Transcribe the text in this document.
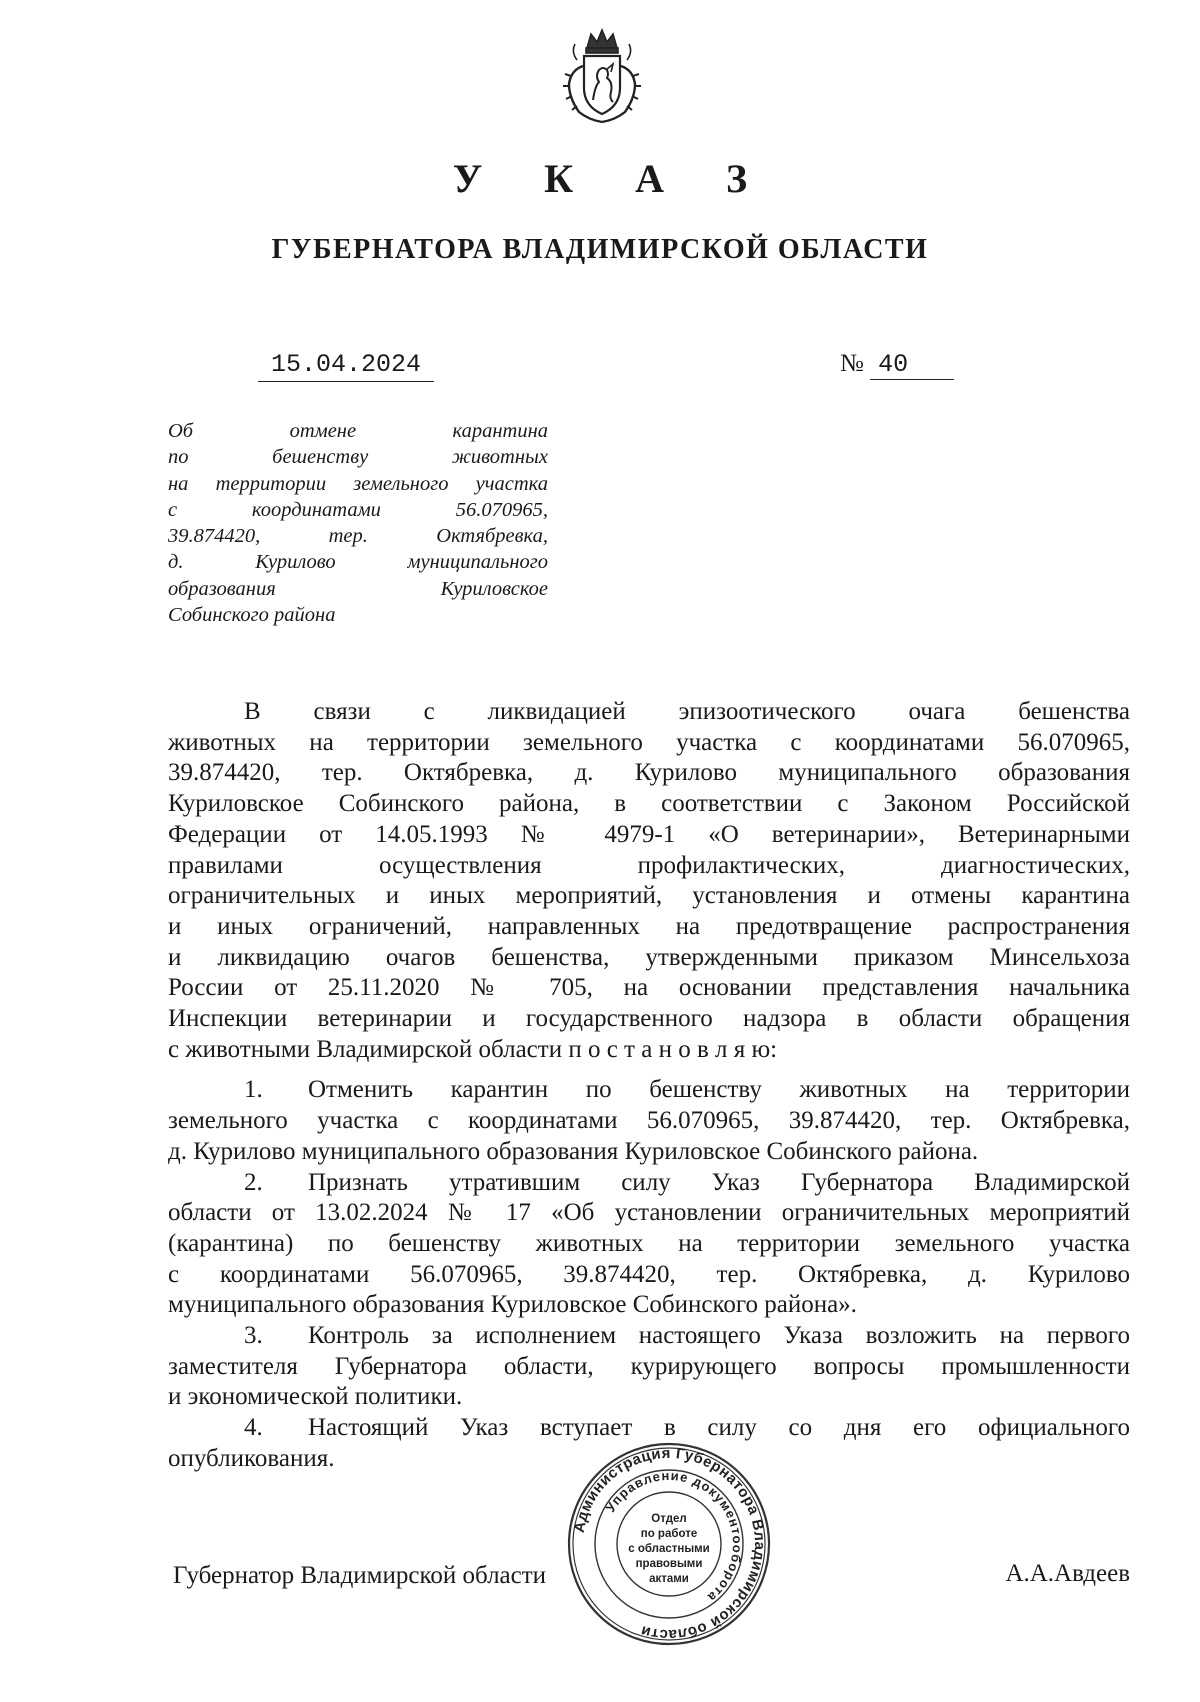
У К А З
ГУБЕРНАТОРА ВЛАДИМИРСКОЙ ОБЛАСТИ
15.04.2024	№ 40
Об отмене карантина
по бешенству животных
на территории земельного участка
с координатами 56.070965,
39.874420, тер. Октябревка,
д. Курилово муниципального
образования Куриловское
Собинского района
В связи с ликвидацией эпизоотического очага бешенства
животных на территории земельного участка с координатами 56.070965,
39.874420, тер. Октябревка, д. Курилово муниципального образования
Куриловское Собинского района, в соответствии с Законом Российской
Федерации от 14.05.1993 № 4979-1 «О ветеринарии», Ветеринарными
правилами осуществления профилактических, диагностических,
ограничительных и иных мероприятий, установления и отмены карантина
и иных ограничений, направленных на предотвращение распространения
и ликвидацию очагов бешенства, утвержденными приказом Минсельхоза
России от 25.11.2020 № 705, на основании представления начальника
Инспекции ветеринарии и государственного надзора в области обращения
с животными Владимирской области п о с т а н о в л я ю:
1. Отменить карантин по бешенству животных на территории
земельного участка с координатами 56.070965, 39.874420, тер. Октябревка,
д. Курилово муниципального образования Куриловское Собинского района.
2. Признать утратившим силу Указ Губернатора Владимирской
области от 13.02.2024 № 17 «Об установлении ограничительных мероприятий
(карантина) по бешенству животных на территории земельного участка
с координатами 56.070965, 39.874420, тер. Октябревка, д. Курилово
муниципального образования Куриловское Собинского района».
3. Контроль за исполнением настоящего Указа возложить на первого
заместителя Губернатора области, курирующего вопросы промышленности
и экономической политики.
4. Настоящий Указ вступает в силу со дня его официального
опубликования.
Губернатор Владимирской области	А.А.Авдеев
Администрация Губернатора Владимирской области
Управление документооборота
Отдел
по работе
с областными
правовыми
актами
